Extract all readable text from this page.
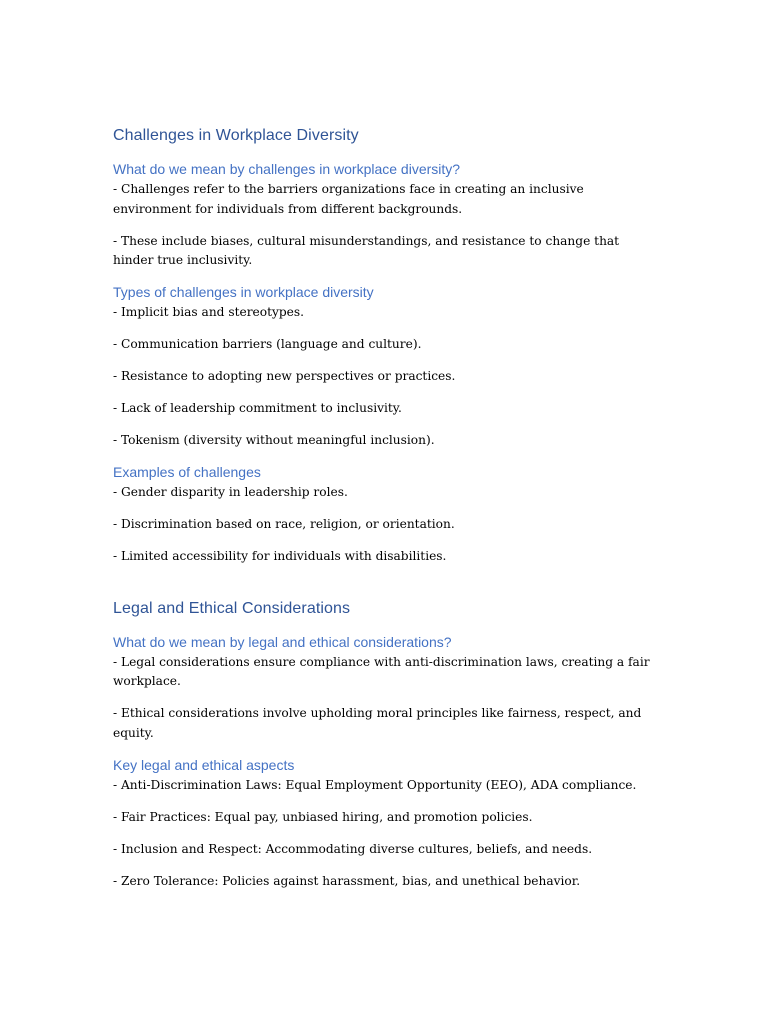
Challenges in Workplace Diversity
What do we mean by challenges in workplace diversity?

- Challenges refer to the barriers organizations face in creating an inclusive environment for individuals from different backgrounds.

- These include biases, cultural misunderstandings, and resistance to change that hinder true inclusivity.

Types of challenges in workplace diversity

- Implicit bias and stereotypes.

- Communication barriers (language and culture).

- Resistance to adopting new perspectives or practices.

- Lack of leadership commitment to inclusivity.

- Tokenism (diversity without meaningful inclusion).

Examples of challenges

- Gender disparity in leadership roles.

- Discrimination based on race, religion, or orientation.

- Limited accessibility for individuals with disabilities.

Legal and Ethical Considerations
What do we mean by legal and ethical considerations?

- Legal considerations ensure compliance with anti-discrimination laws, creating a fair workplace.

- Ethical considerations involve upholding moral principles like fairness, respect, and equity.

Key legal and ethical aspects

- Anti-Discrimination Laws: Equal Employment Opportunity (EEO), ADA compliance.

- Fair Practices: Equal pay, unbiased hiring, and promotion policies.

- Inclusion and Respect: Accommodating diverse cultures, beliefs, and needs.

- Zero Tolerance: Policies against harassment, bias, and unethical behavior.
